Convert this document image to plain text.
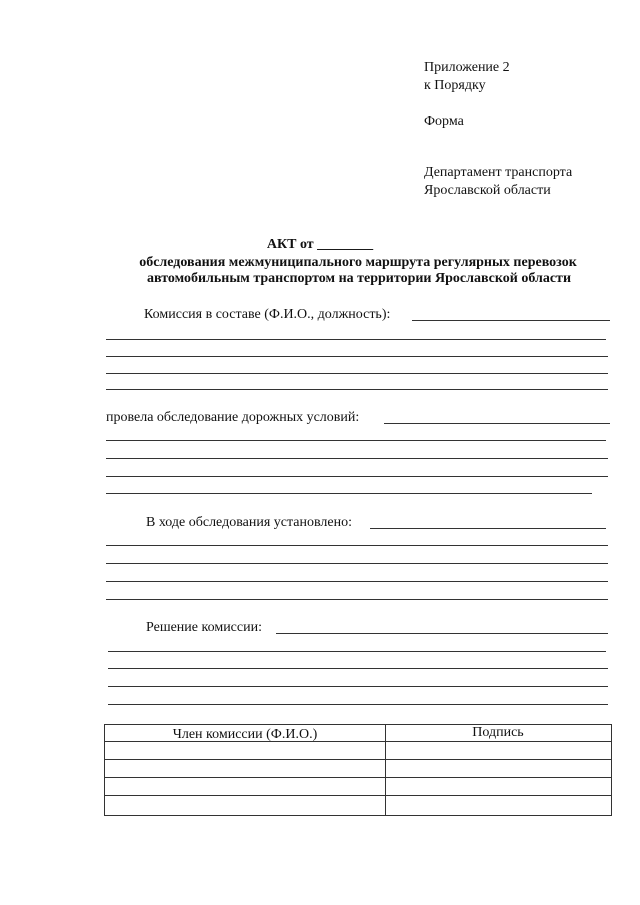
Приложение 2
к Порядку
Форма
Департамент транспорта
Ярославской области
АКТ от ________
обследования межмуниципального маршрута регулярных перевозок
автомобильным транспортом на территории Ярославской области
Комиссия в составе (Ф.И.О., должность):
провела обследование дорожных условий:
В ходе обследования установлено:
Решение комиссии:
Член комиссии (Ф.И.О.)	Подпись
